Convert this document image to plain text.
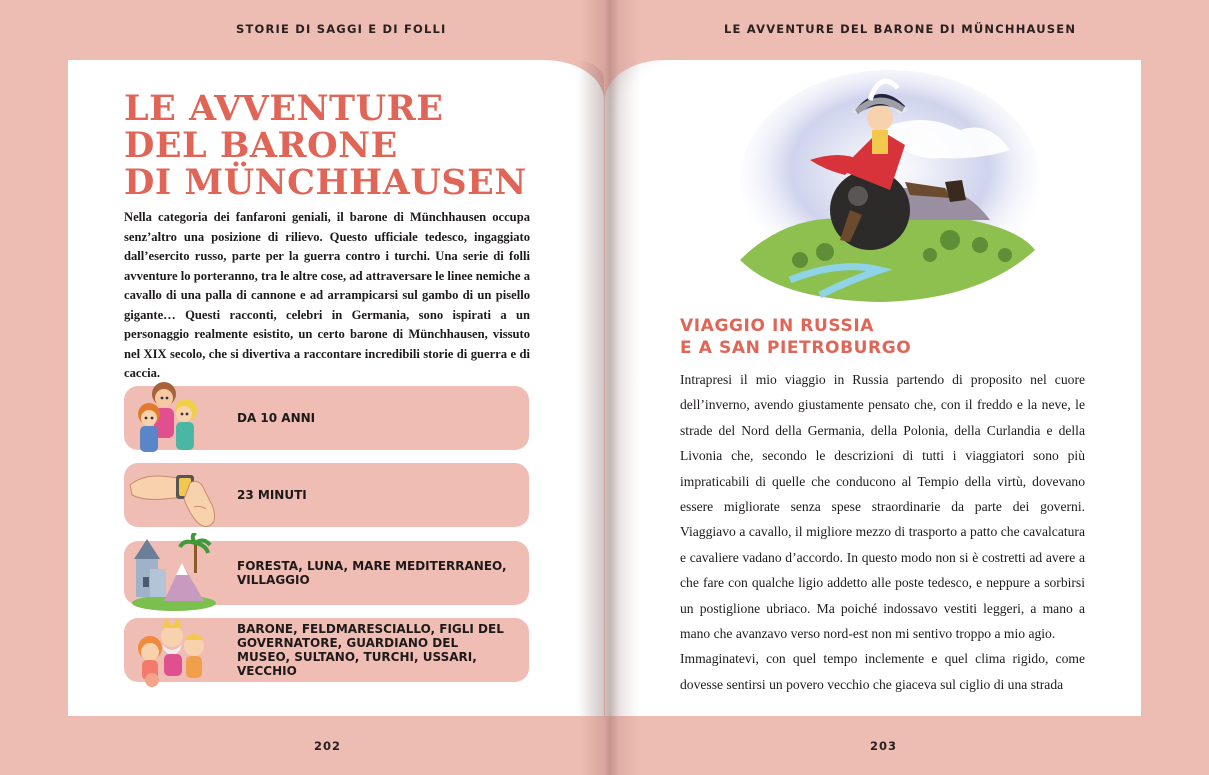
STORIE DI SAGGI E DI FOLLI	LE AVVENTURE DEL BARONE DI MÜNCHHAUSEN
LE AVVENTURE
DEL BARONE
DI MÜNCHHAUSEN
Nella categoria dei fanfaroni geniali, il barone di Münchhausen occupa senz’altro una posizione di rilievo. Questo ufficiale tedesco, ingaggiato dall’esercito russo, parte per la guerra contro i turchi. Una serie di folli avventure lo porteranno, tra le altre cose, ad attraversare le linee nemiche a cavallo di una palla di cannone e ad arrampicarsi sul gambo di un pisello gigante… Questi racconti, celebri in Germania, sono ispirati a un personaggio realmente esistito, un certo barone di Münchhausen, vissuto nel XIX secolo, che si divertiva a raccontare incredibili storie di guerra e di caccia.
DA 10 ANNI
23 MINUTI
FORESTA, LUNA, MARE MEDITERRANEO, VILLAGGIO
BARONE, FELDMARESCIALLO, FIGLI DEL GOVERNATORE, GUARDIANO DEL MUSEO, SULTANO, TURCHI, USSARI, VECCHIO
202
VIAGGIO IN RUSSIA
E A SAN PIETROBURGO

Intrapresi il mio viaggio in Russia partendo di proposito nel cuore dell’inverno, avendo giustamente pensato che, con il freddo e la neve, le strade del Nord della Germania, della Polonia, della Curlandia e della Livonia che, secondo le descrizioni di tutti i viaggiatori sono più impraticabili di quelle che conducono al Tempio della virtù, dovevano essere migliorate senza spese straordinarie da parte dei governi. Viaggiavo a cavallo, il migliore mezzo di trasporto a patto che cavalcatura e cavaliere vadano d’accordo. In questo modo non si è costretti ad avere a che fare con qualche ligio addetto alle poste tedesco, e neppure a sorbirsi un postiglione ubriaco. Ma poiché indossavo vestiti leggeri, a mano a mano che avanzavo verso nord-est non mi sentivo troppo a mio agio.

Immaginatevi, con quel tempo inclemente e quel clima rigido, come dovesse sentirsi un povero vecchio che giaceva sul ciglio di una strada

203
